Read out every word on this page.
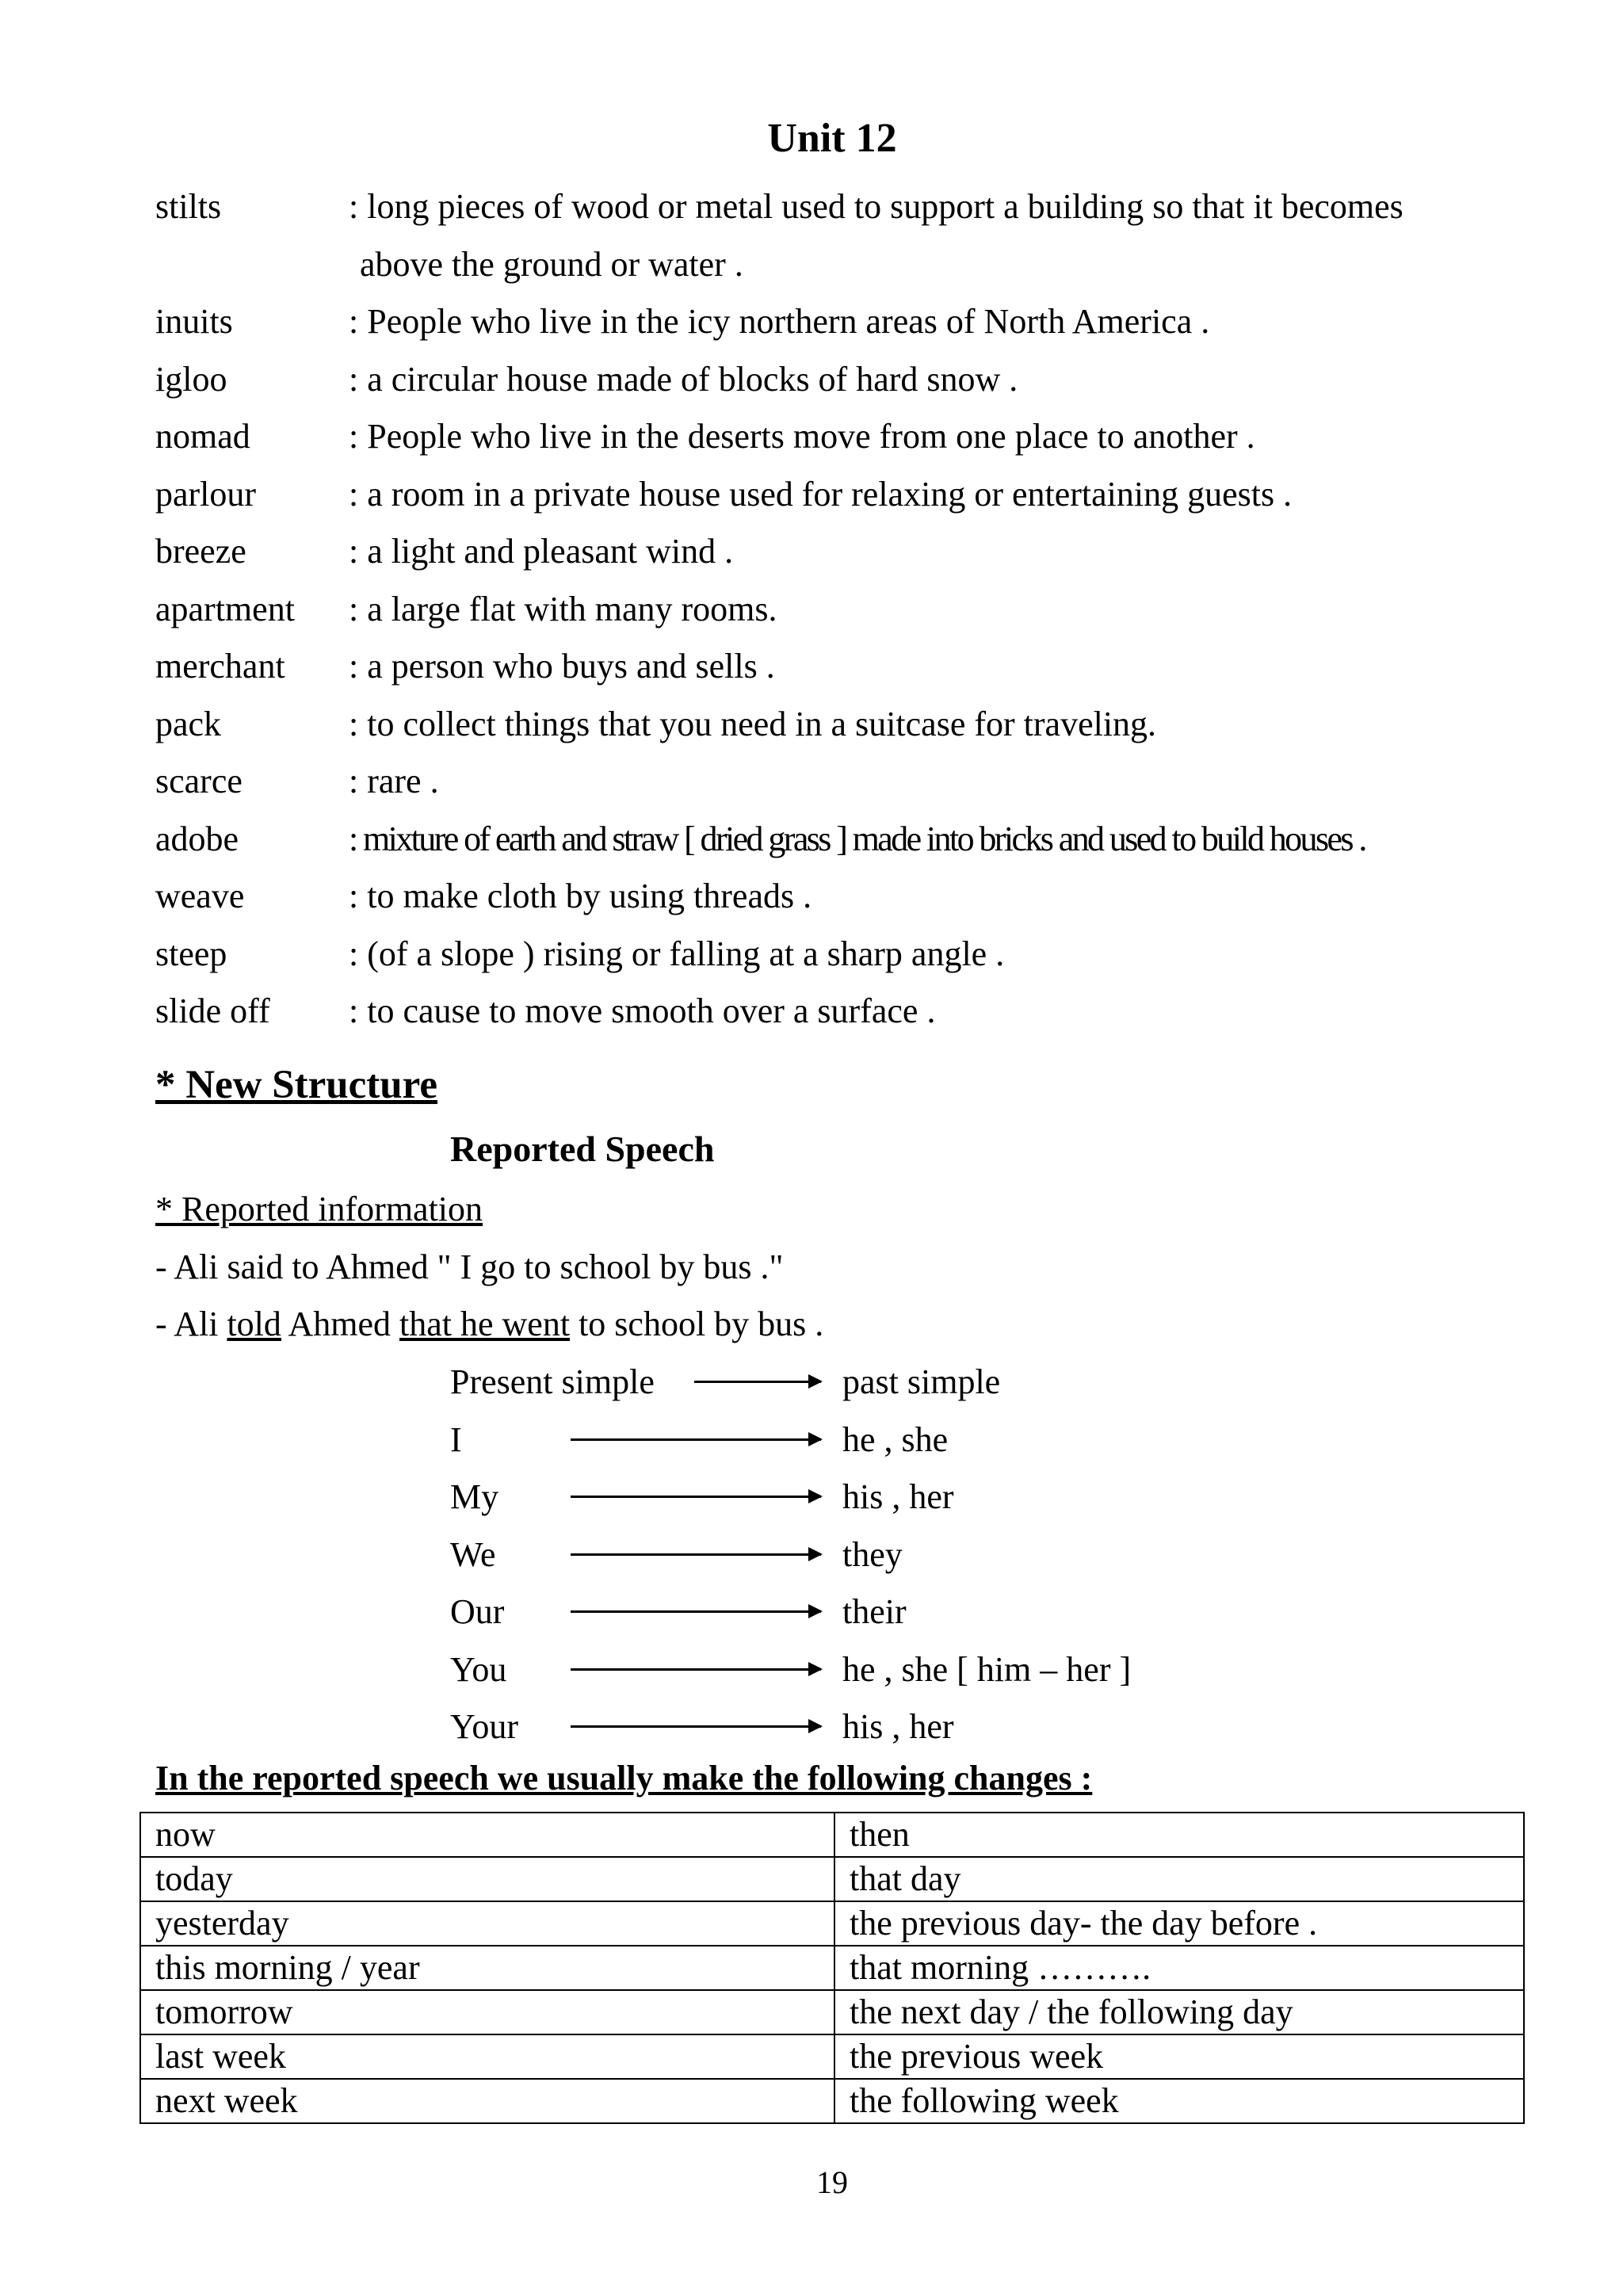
Unit 12
stilts	: long pieces of wood or metal used to support a building so that it becomes
above the ground or water .
inuits	: People who live in the icy northern areas of North America .
igloo	: a circular house made of blocks of hard snow .
nomad	: People who live in the deserts move from one place to another .
parlour	: a room in a private house used for relaxing or entertaining guests .
breeze	: a light and pleasant wind .
apartment	: a large flat with many rooms.
merchant	: a person who buys and sells .
pack	: to collect things that you need in a suitcase for traveling.
scarce	: rare .
adobe	: mixture of earth and straw [ dried grass ] made into bricks and used to build houses .
weave	: to make cloth by using threads .
steep	: (of a slope ) rising or falling at a sharp angle .
slide off	: to cause to move smooth over a surface .
* New Structure
Reported Speech
* Reported information
- Ali said to Ahmed " I go to school by bus ."
- Ali told Ahmed that he went to school by bus .
Present simple	past simple
I	he , she
My	his , her
We	they
Our	their
You	he , she [ him – her ]
Your	his , her
In the reported speech we usually make the following changes :
now	then
today	that day
yesterday	the previous day- the day before .
this morning / year	that morning ……….
tomorrow	the next day / the following day
last week	the previous week
next week	the following week
19
